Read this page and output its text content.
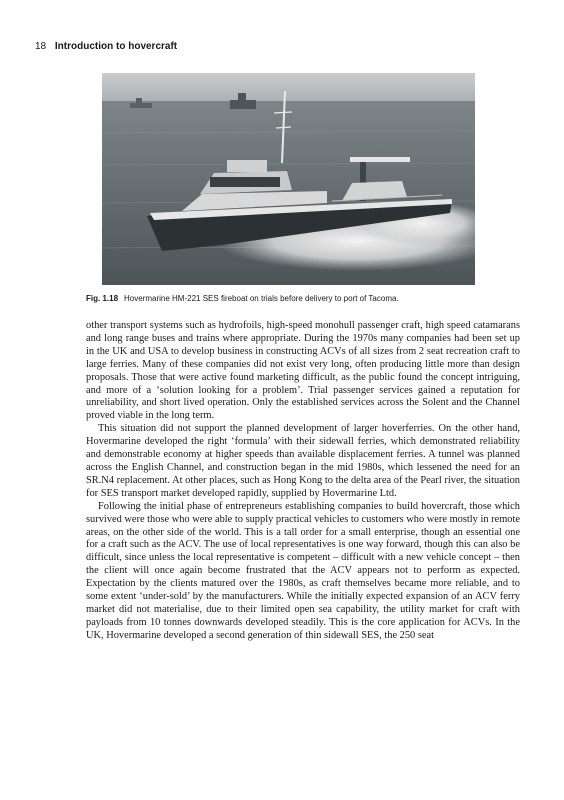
18 Introduction to hovercraft
Fig. 1.18 Hovermarine HM-221 SES fireboat on trials before delivery to port of Tacoma.

other transport systems such as hydrofoils, high-speed monohull passenger craft, high speed catamarans and long range buses and trains where appropriate. During the 1970s many companies had been set up in the UK and USA to develop business in constructing ACVs of all sizes from 2 seat recreation craft to large ferries. Many of these companies did not exist very long, often producing little more than design proposals. Those that were active found marketing difficult, as the public found the concept intriguing, and more of a ‘solution looking for a problem’. Trial passenger services gained a reputation for unreliability, and short lived operation. Only the established services across the Solent and the Channel proved viable in the long term.

This situation did not support the planned development of larger hoverferries. On the other hand, Hovermarine developed the right ‘formula’ with their sidewall ferries, which demonstrated reliability and demonstrable economy at higher speeds than available displacement ferries. A tunnel was planned across the English Channel, and construction began in the mid 1980s, which lessened the need for an SR.N4 replacement. At other places, such as Hong Kong to the delta area of the Pearl river, the situation for SES transport market developed rapidly, supplied by Hovermarine Ltd.

Following the initial phase of entrepreneurs establishing companies to build hovercraft, those which survived were those who were able to supply practical vehicles to customers who were mostly in remote areas, on the other side of the world. This is a tall order for a small enterprise, though an essential one for a craft such as the ACV. The use of local representatives is one way forward, though this can also be difficult, since unless the local representative is competent – difficult with a new vehicle concept – then the client will once again become frustrated that the ACV appears not to perform as expected. Expectation by the clients matured over the 1980s, as craft themselves became more reliable, and to some extent ‘under-sold’ by the manufacturers. While the initially expected expansion of an ACV ferry market did not materialise, due to their limited open sea capability, the utility market for craft with payloads from 10 tonnes downwards developed steadily. This is the core application for ACVs. In the UK, Hovermarine developed a second generation of thin sidewall SES, the 250 seat
